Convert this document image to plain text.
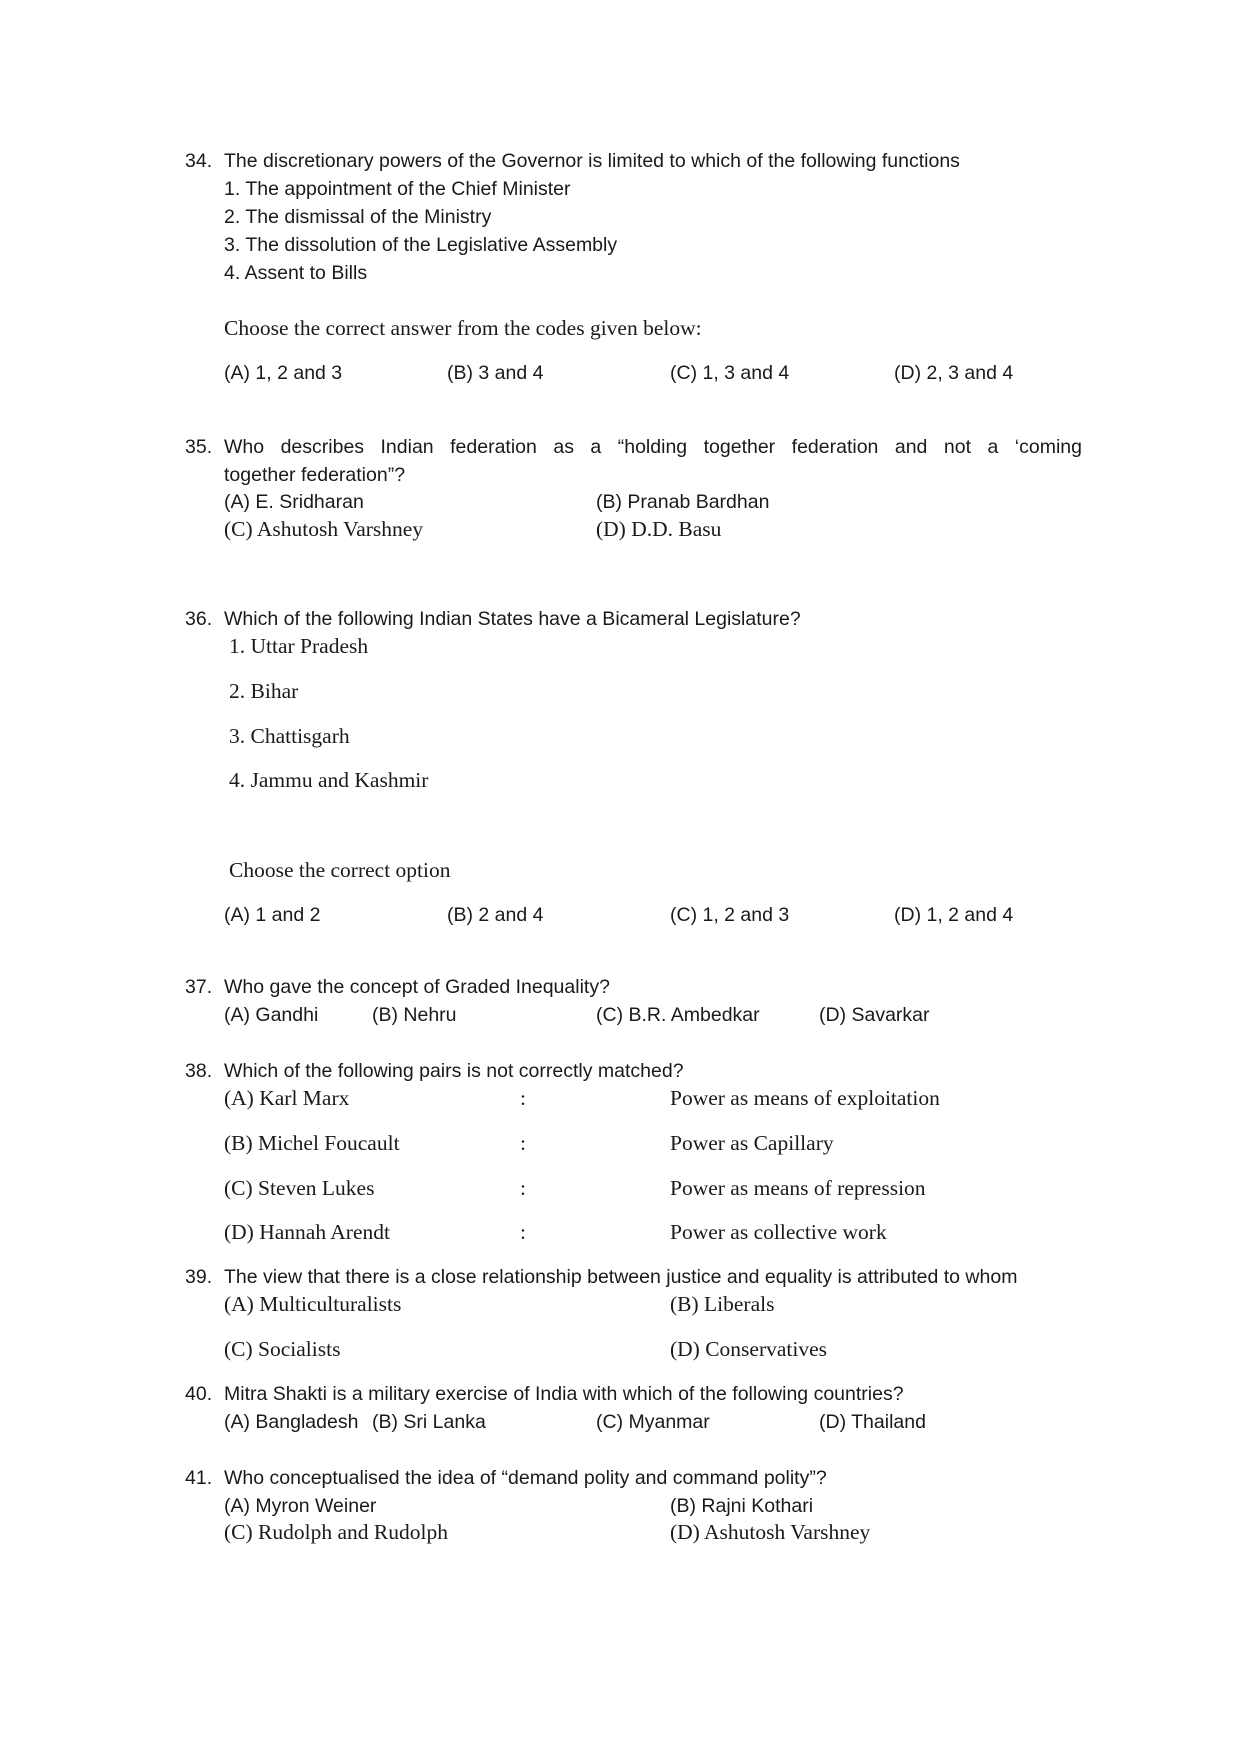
34. The discretionary powers of the Governor is limited to which of the following functions
1. The appointment of the Chief Minister
2. The dismissal of the Ministry
3. The dissolution of the Legislative Assembly
4. Assent to Bills
Choose the correct answer from the codes given below:
(A) 1, 2 and 3	(B) 3 and 4	(C) 1, 3 and 4	(D) 2, 3 and 4
35. Who describes Indian federation as a “holding together federation and not a ‘coming
together federation”?
(A) E. Sridharan	(B) Pranab Bardhan
(C) Ashutosh Varshney	(D) D.D. Basu
36. Which of the following Indian States have a Bicameral Legislature?
1. Uttar Pradesh
2. Bihar
3. Chattisgarh
4. Jammu and Kashmir
Choose the correct option
(A) 1 and 2	(B) 2 and 4	(C) 1, 2 and 3	(D) 1, 2 and 4
37. Who gave the concept of Graded Inequality?
(A) Gandhi	(B) Nehru	(C) B.R. Ambedkar	(D) Savarkar
38. Which of the following pairs is not correctly matched?
(A) Karl Marx	:	Power as means of exploitation
(B) Michel Foucault	:	Power as Capillary
(C) Steven Lukes	:	Power as means of repression
(D) Hannah Arendt	:	Power as collective work
39. The view that there is a close relationship between justice and equality is attributed to whom
(A) Multiculturalists	(B) Liberals
(C) Socialists	(D) Conservatives
40. Mitra Shakti is a military exercise of India with which of the following countries?
(A) Bangladesh (B) Sri Lanka	(C) Myanmar	(D) Thailand
41. Who conceptualised the idea of “demand polity and command polity”?
(A) Myron Weiner	(B) Rajni Kothari
(C) Rudolph and Rudolph	(D) Ashutosh Varshney
